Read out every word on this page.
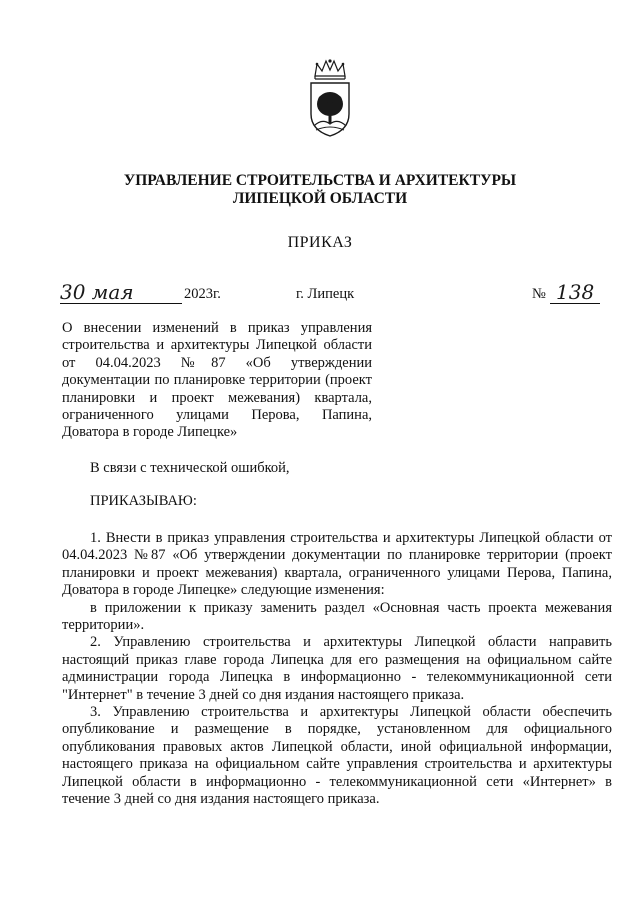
УПРАВЛЕНИЕ СТРОИТЕЛЬСТВА И АРХИТЕКТУРЫ
ЛИПЕЦКОЙ ОБЛАСТИ
ПРИКАЗ
30 мая	2023г.	г. Липецк	№ 138
О внесении изменений в приказ управления строительства и архитектуры Липецкой области от 04.04.2023 №87 «Об утверждении документации по планировке территории (проект планировки и проект межевания) квартала, ограниченного улицами Перова, Папина, Доватора в городе Липецке»
В связи с технической ошибкой,
ПРИКАЗЫВАЮ:

1. Внести в приказ управления строительства и архитектуры Липецкой области от 04.04.2023 №87 «Об утверждении документации по планировке территории (проект планировки и проект межевания) квартала, ограниченного улицами Перова, Папина, Доватора в городе Липецке» следующие изменения:

в приложении к приказу заменить раздел «Основная часть проекта межевания территории».

2. Управлению строительства и архитектуры Липецкой области направить настоящий приказ главе города Липецка для его размещения на официальном сайте администрации города Липецка в информационно - телекоммуникационной сети "Интернет" в течение 3 дней со дня издания настоящего приказа.

3. Управлению строительства и архитектуры Липецкой области обеспечить опубликование и размещение в порядке, установленном для официального опубликования правовых актов Липецкой области, иной официальной информации, настоящего приказа на официальном сайте управления строительства и архитектуры Липецкой области в информационно - телекоммуникационной сети «Интернет» в течение 3 дней со дня издания настоящего приказа.
